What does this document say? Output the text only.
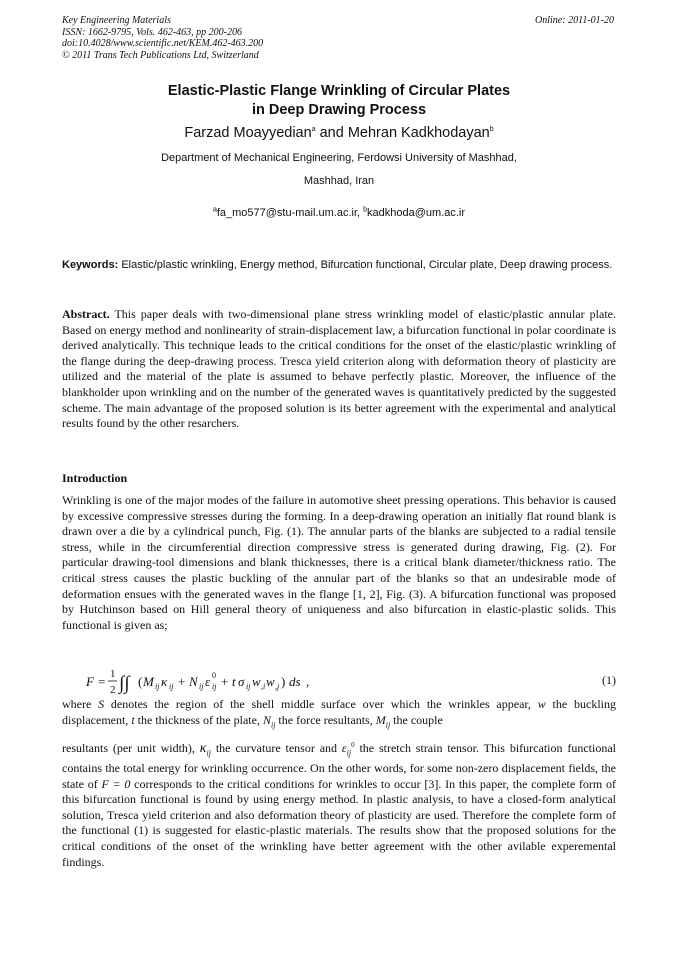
Key Engineering Materials
ISSN: 1662-9795, Vols. 462-463, pp 200-206
doi:10.4028/www.scientific.net/KEM.462-463.200
© 2011 Trans Tech Publications Ltd, Switzerland
Online: 2011-01-20
Elastic-Plastic Flange Wrinkling of Circular Plates
in Deep Drawing Process
Farzad Moayyedian$^a$ and Mehran Kadkhodayan$^b$
Department of Mechanical Engineering, Ferdowsi University of Mashhad,
Mashhad, Iran
$^a$fa_mo577@stu-mail.um.ac.ir, $^b$kadkhoda@um.ac.ir
Keywords: Elastic/plastic wrinkling, Energy method, Bifurcation functional, Circular plate, Deep drawing process.
Abstract. This paper deals with two-dimensional plane stress wrinkling model of elastic/plastic annular plate. Based on energy method and nonlinearity of strain-displacement law, a bifurcation functional in polar coordinate is derived analytically. This technique leads to the critical conditions for the onset of the elastic/plastic wrinkling of the flange during the deep-drawing process. Tresca yield criterion along with deformation theory of plasticity are utilized and the material of the plate is assumed to behave perfectly plastic. Moreover, the influence of the blankholder upon wrinkling and on the number of the generated waves is quantitatively predicted by the suggested scheme. The main advantage of the proposed solution is its better agreement with the experimental and analytical results found by the other resarchers.
Introduction
Wrinkling is one of the major modes of the failure in automotive sheet pressing operations. This behavior is caused by excessive compressive stresses during the forming. In a deep-drawing operation an initially flat round blank is drawn over a die by a cylindrical punch, Fig. (1). The annular parts of the blanks are subjected to a radial tensile stress, while in the circumferential direction compressive stress is generated during drawing, Fig. (2). For particular drawing-tool dimensions and blank thicknesses, there is a critical blank diameter/thickness ratio. The critical stress causes the plastic buckling of the annular part of the blanks so that an undesirable mode of deformation ensues with the generated waves in the flange [1, 2], Fig. (3). A bifurcation functional was proposed by Hutchinson based on Hill general theory of uniqueness and also bifurcation in elastic-plastic solids. This functional is given as;
F = 1
2 ∫∫ ( M ij κ ij + N ij ε ij
0 + t σ ij w ,i w ,j ) ds ,	(1)
where S denotes the region of the shell middle surface over which the wrinkles appear, w the buckling displacement, t the thickness of the plate, $N_{ij}$ the force resultants, $M_{ij}$ the couple
resultants (per unit width), $\kappa_{ij}$ the curvature tensor and $\varepsilon_{ij}^0$ the stretch strain tensor. This bifurcation functional contains the total energy for wrinkling occurrence. On the other words, for some non-zero displacement fields, the state of F = 0 corresponds to the critical conditions for wrinkles to occur [3]. In this paper, the complete form of this bifurcation functional is found by using energy method. In plastic analysis, to have a closed-form analytical solution, Tresca yield criterion and also deformation theory of plasticity are used. Therefore the complete form of the functional (1) is suggested for elastic-plastic materials. The results show that the proposed solutions for the critical conditions of the onset of the wrinkling have better agreement with the other avilable experemental findings.
